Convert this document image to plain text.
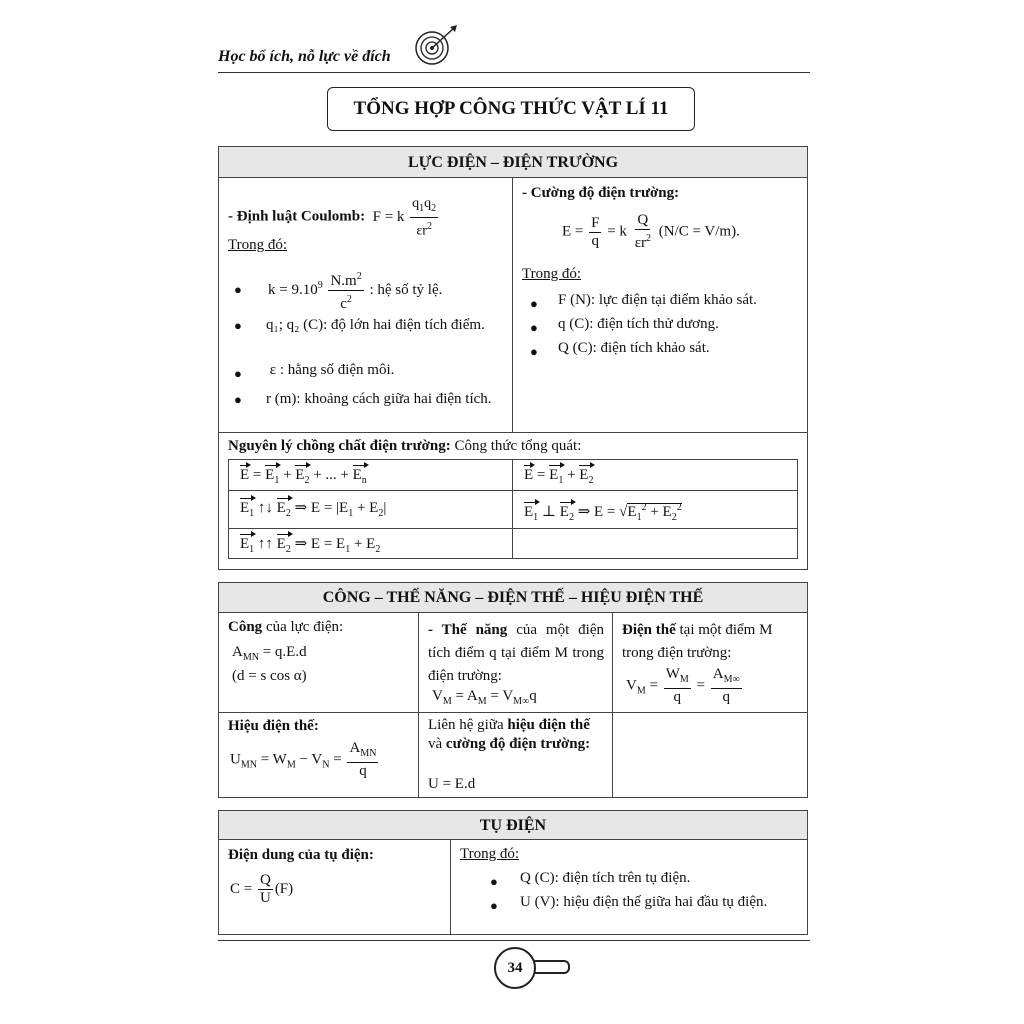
Học bổ ích, nỗ lực về đích
TỔNG HỢP CÔNG THỨC VẬT LÍ 11
LỰC ĐIỆN – ĐIỆN TRƯỜNG
- Định luật Coulomb:  F = k $\frac{q_1q_2}{\varepsilon r^2}$
Trong đó:
● $k = 9.10^9 \frac{N.m^2}{c^2}$ : hệ số tỷ lệ.
● q₁; q₂ (C): độ lớn hai điện tích điểm.
● ε : hằng số điện môi.
● r (m): khoảng cách giữa hai điện tích.
- Cường độ điện trường:
$E = \frac{F}{q} = k \frac{Q}{\varepsilon r^2} (N/C = V/m)$.
Trong đó:
● F (N): lực điện tại điểm khảo sát.
● q (C): điện tích thử dương.
● Q (C): điện tích khảo sát.
Nguyên lý chồng chất điện trường: Công thức tổng quát:
$E = E_1 + E_2$ + ... + $E_n$	$E = E_1 + E_2$
$E_1$ ↑↓ $E_2$ ⇒ $E = |E_1 + E_2|$	$E_1$ ⊥ $E_2$ ⇒ $E = √E_1^2 + E_2^2$
$E_1$ ↑↑ $E_2$ ⇒ $E = E_1 + E_2$
CÔNG – THẾ NĂNG – ĐIỆN THẾ – HIỆU ĐIỆN THẾ
Công của lực điện:
$A_{MN} = q.E.d$
(d = s cos α)
- Thế năng của một điện tích điểm q tại điểm M trong điện trường:
$V_M = A_M = V_{M\infty}q$
Điện thế tại một điểm M trong điện trường:
$V_M = \frac{W_M}{q} = \frac{A_{M\infty}}{q}$
Hiệu điện thế:
$U_{MN} = W_M - V_N = \frac{A_{MN}}{q}$
Liên hệ giữa hiệu điện thế và cường độ điện trường:
U = E.d
TỤ ĐIỆN
Điện dung của tụ điện:
$C = \frac{Q}{U} (F)$
Trong đó:
● Q (C): điện tích trên tụ điện.
● U (V): hiệu điện thế giữa hai đầu tụ điện.
34
